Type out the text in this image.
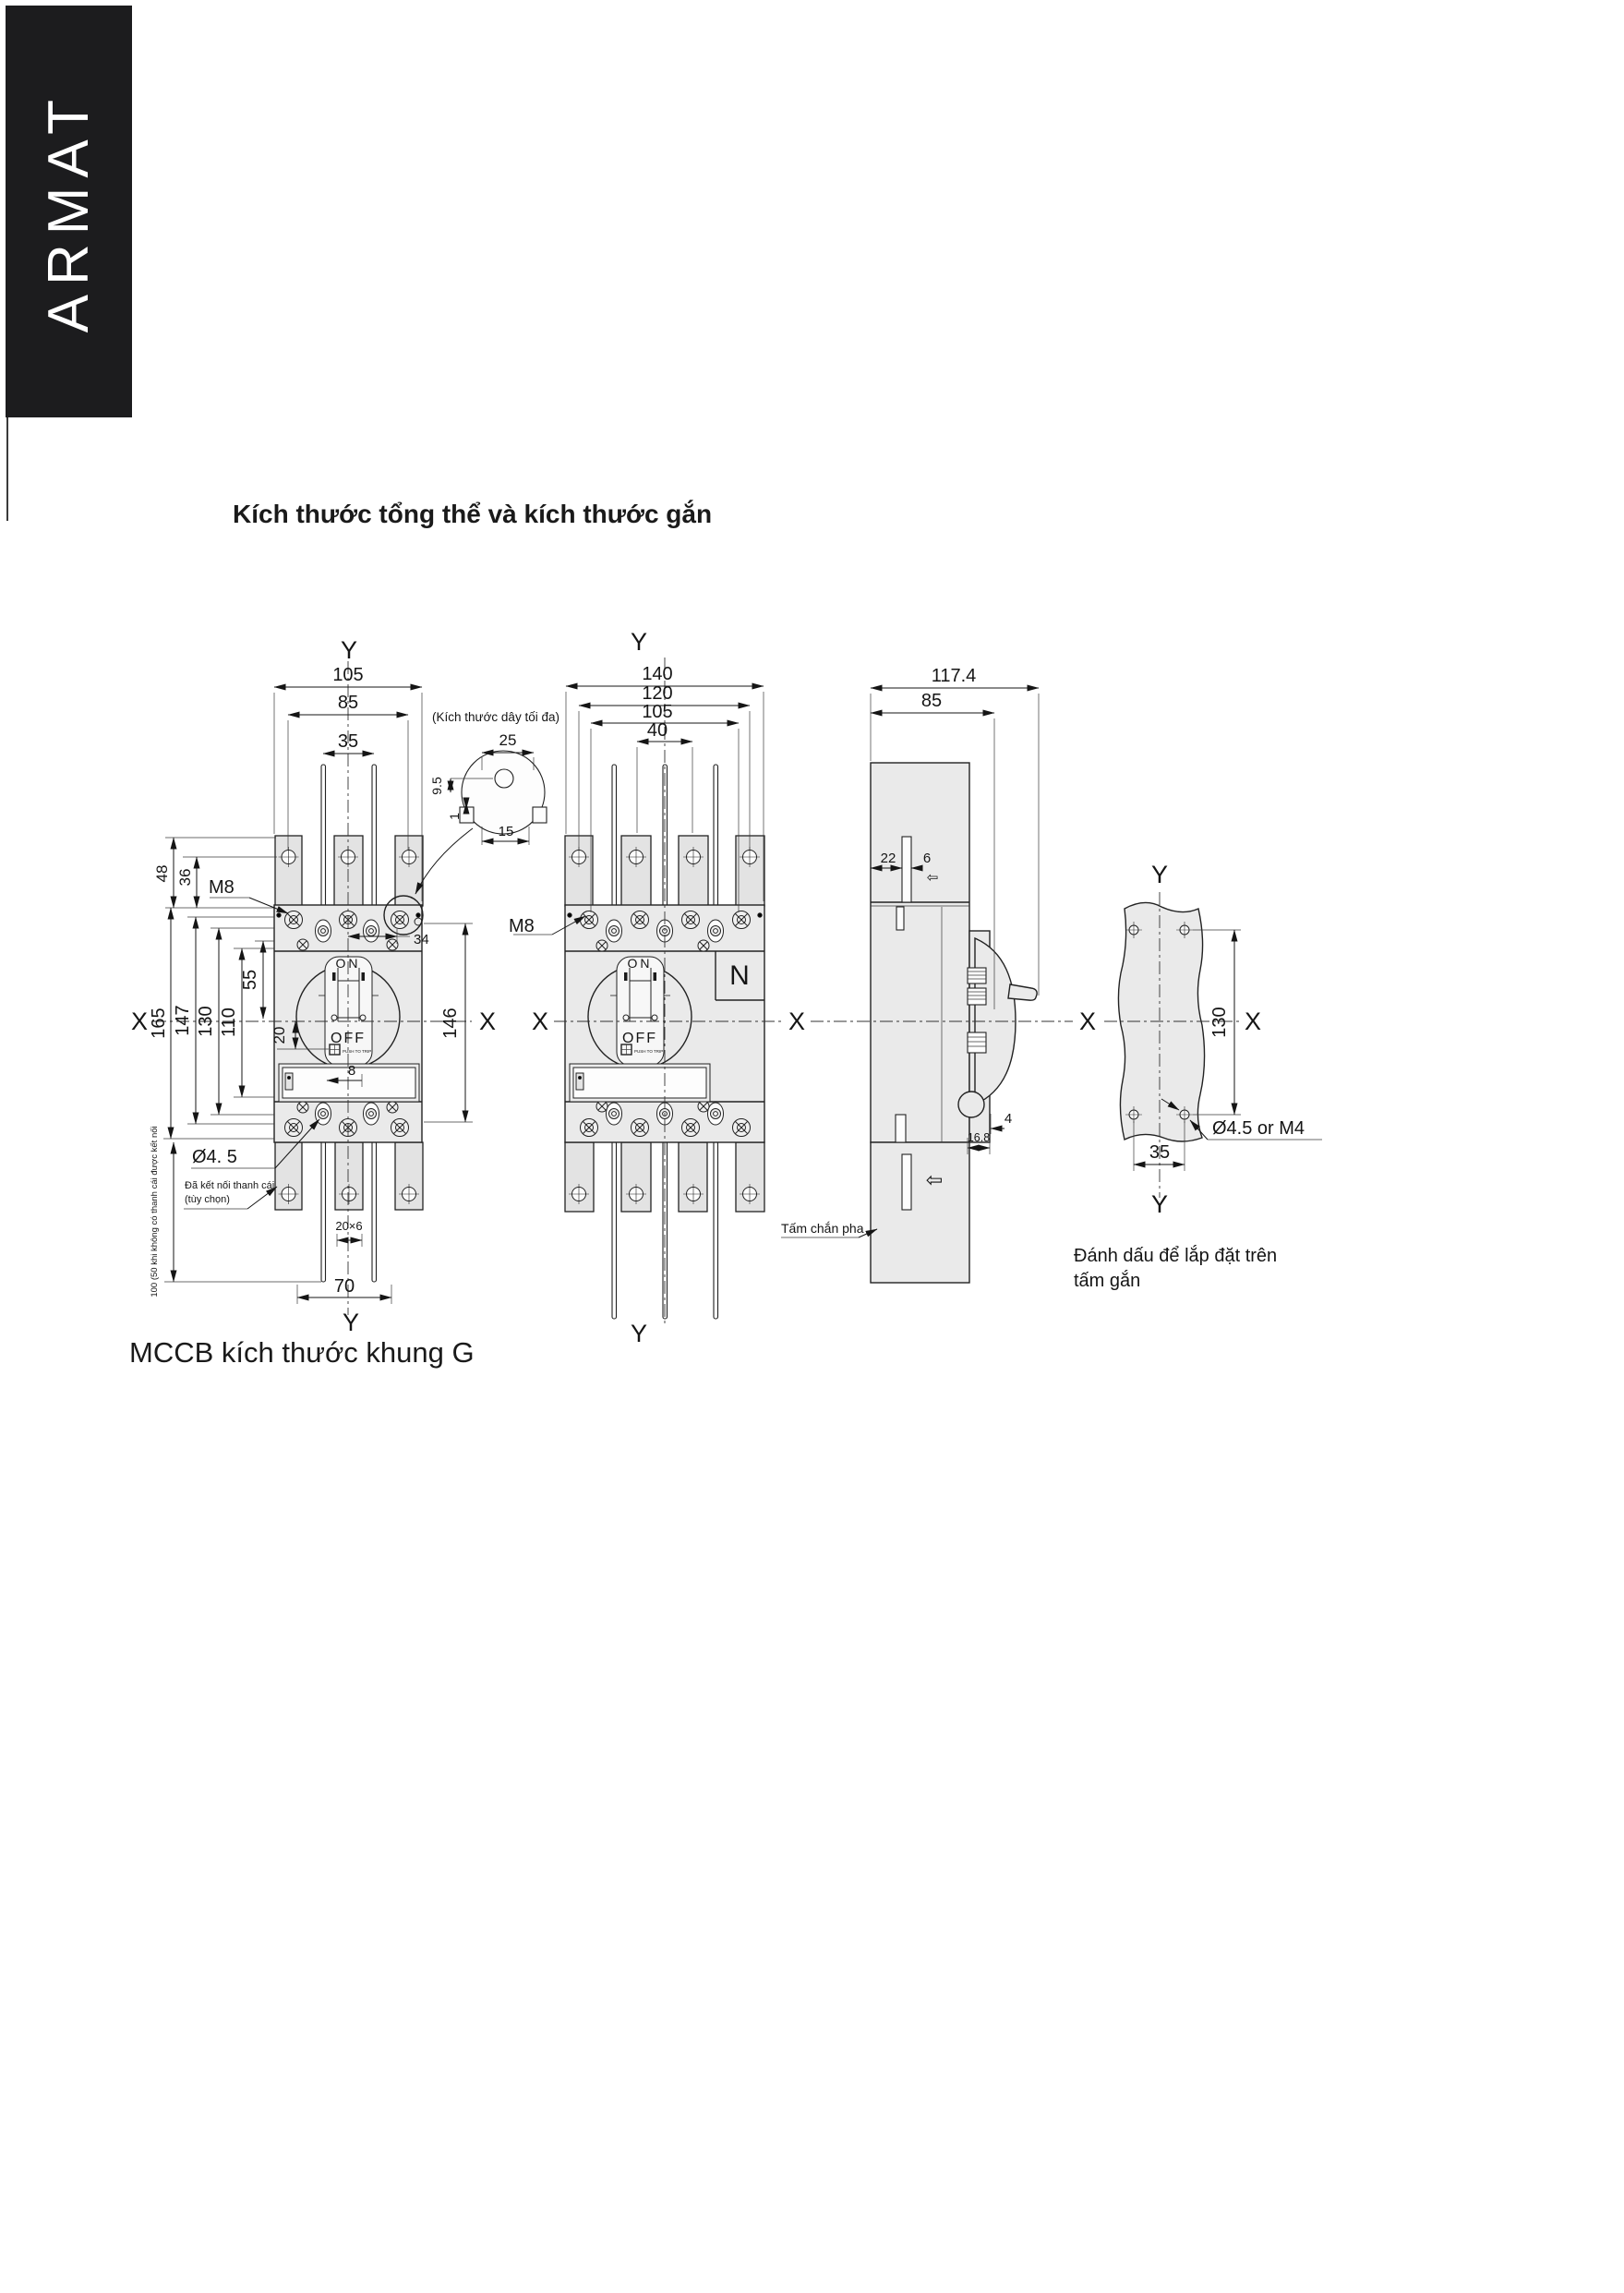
ARMAT
Kích thước tổng thể và kích thước gắn
MCCB kích thước khung G
Y
Y
X	X
105
85
35
48 36 M8
165 147 130 110
55
20
34
8
146
Ø4. 5
Đã kết nối thanh cái
(tùy chọn)
100 (50 khi không có thanh cái được kết nối	20×6
70
ON
OFF
PUSH TO TRIP
(Kích thước dây tối đa)
25
9.5
1
15
Y
Y
X	X
140
120
105
40
M8
N
ON
OFF
PUSH TO TRIP
117.4
85
22 6
⇦
4
16.8
⇦
Tấm chắn pha
Y
Y
X	X
130
Ø4.5 or M4
35
Đánh dấu để lắp đặt trên
tấm gắn
